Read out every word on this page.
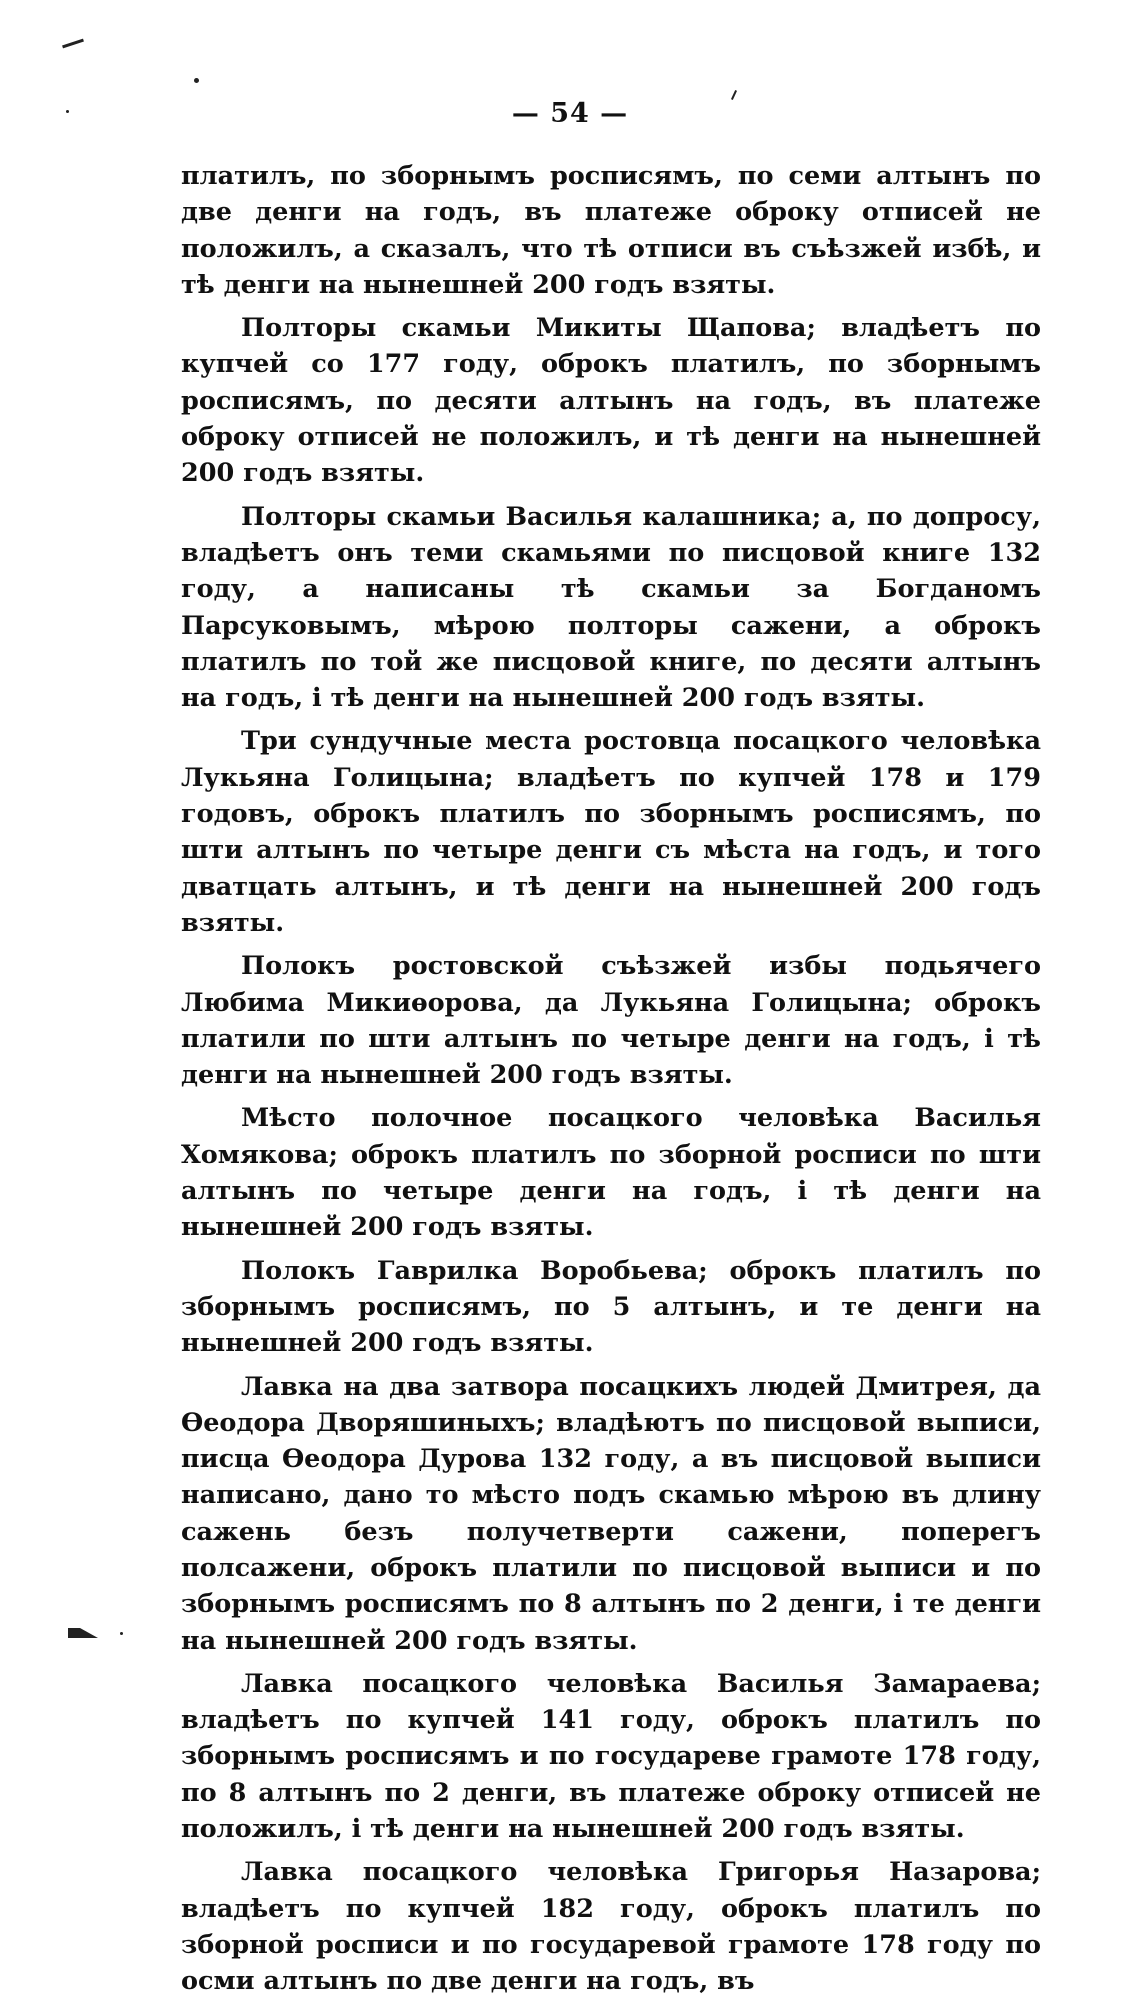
— 54 —

платилъ, по зборнымъ росписямъ, по семи алтынъ по две денги на годъ, въ платеже оброку отписей не положилъ, а сказалъ, что тѣ отписи въ съѣзжей избѣ, и тѣ денги на нынешней 200 годъ взяты.

Полторы скамьи Микиты Щапова; владѣетъ по купчей со 177 году, оброкъ платилъ, по зборнымъ росписямъ, по десяти алтынъ на годъ, въ платеже оброку отписей не положилъ, и тѣ денги на нынешней 200 годъ взяты.

Полторы скамьи Василья калашника; а, по допросу, владѣетъ онъ теми скамьями по писцовой книге 132 году, а написаны тѣ скамьи за Богданомъ Парсуковымъ, мѣрою полторы сажени, а оброкъ платилъ по той же писцовой книге, по десяти алтынъ на годъ, і тѣ денги на нынешней 200 годъ взяты.

Три сундучные места ростовца посацкого человѣка Лукьяна Голицына; владѣетъ по купчей 178 и 179 годовъ, оброкъ платилъ по зборнымъ росписямъ, по шти алтынъ по четыре денги съ мѣста на годъ, и того дватцать алтынъ, и тѣ денги на нынешней 200 годъ взяты.

Полокъ ростовской съѣзжей избы подьячего Любима Микиѳорова, да Лукьяна Голицына; оброкъ платили по шти алтынъ по четыре денги на годъ, і тѣ денги на нынешней 200 годъ взяты.

Мѣсто полочное посацкого человѣка Василья Хомякова; оброкъ платилъ по зборной росписи по шти алтынъ по четыре денги на годъ, і тѣ денги на нынешней 200 годъ взяты.

Полокъ Гаврилка Воробьева; оброкъ платилъ по зборнымъ росписямъ, по 5 алтынъ, и те денги на нынешней 200 годъ взяты.

Лавка на два затвора посацкихъ людей Дмитрея, да Ѳеодора Дворяшиныхъ; владѣютъ по писцовой выписи, писца Ѳеодора Дурова 132 году, а въ писцовой выписи написано, дано то мѣсто подъ скамью мѣрою въ длину сажень безъ получетверти сажени, поперегъ полсажени, оброкъ платили по писцовой выписи и по зборнымъ росписямъ по 8 алтынъ по 2 денги, і те денги на нынешней 200 годъ взяты.

Лавка посацкого человѣка Василья Замараева; владѣетъ по купчей 141 году, оброкъ платилъ по зборнымъ росписямъ и по государеве грамоте 178 году, по 8 алтынъ по 2 денги, въ платеже оброку отписей не положилъ, і тѣ денги на нынешней 200 годъ взяты.

Лавка посацкого человѣка Григорья Назарова; владѣетъ по купчей 182 году, оброкъ платилъ по зборной росписи и по государевой грамоте 178 году по осми алтынъ по две денги на годъ, въ
